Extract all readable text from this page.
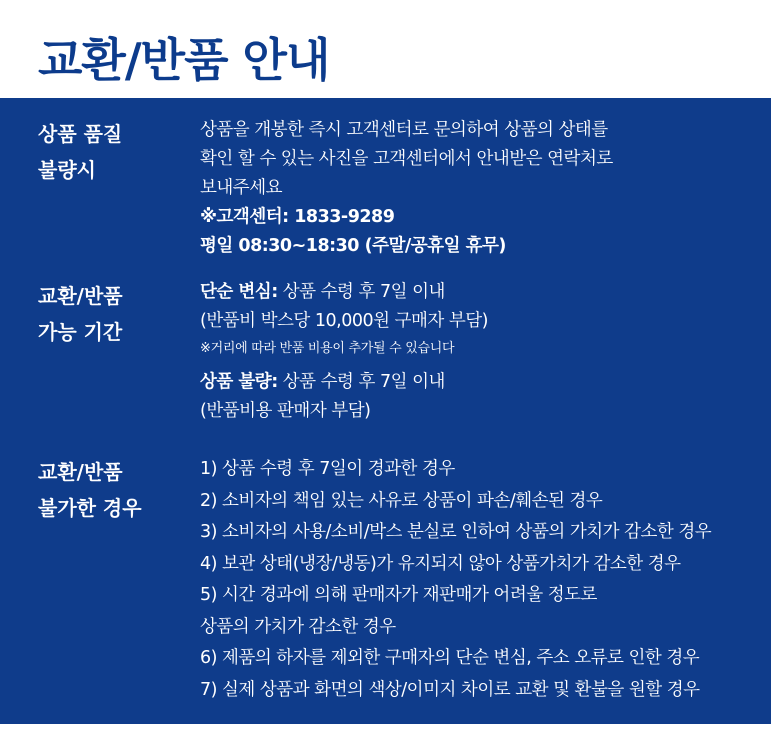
교환/반품 안내
상품 품질
불량시
상품을 개봉한 즉시 고객센터로 문의하여 상품의 상태를
확인 할 수 있는 사진을 고객센터에서 안내받은 연락처로
보내주세요
※고객센터: 1833-9289
평일 08:30~18:30 (주말/공휴일 휴무)
교환/반품
가능 기간
단순 변심: 상품 수령 후 7일 이내
(반품비 박스당 10,000원 구매자 부담)
※거리에 따라 반품 비용이 추가될 수 있습니다
상품 불량: 상품 수령 후 7일 이내
(반품비용 판매자 부담)
교환/반품
불가한 경우
1) 상품 수령 후 7일이 경과한 경우
2) 소비자의 책임 있는 사유로 상품이 파손/훼손된 경우
3) 소비자의 사용/소비/박스 분실로 인하여 상품의 가치가 감소한 경우
4) 보관 상태(냉장/냉동)가 유지되지 않아 상품가치가 감소한 경우
5) 시간 경과에 의해 판매자가 재판매가 어려울 정도로
상품의 가치가 감소한 경우
6) 제품의 하자를 제외한 구매자의 단순 변심, 주소 오류로 인한 경우
7) 실제 상품과 화면의 색상/이미지 차이로 교환 및 환불을 원할 경우
